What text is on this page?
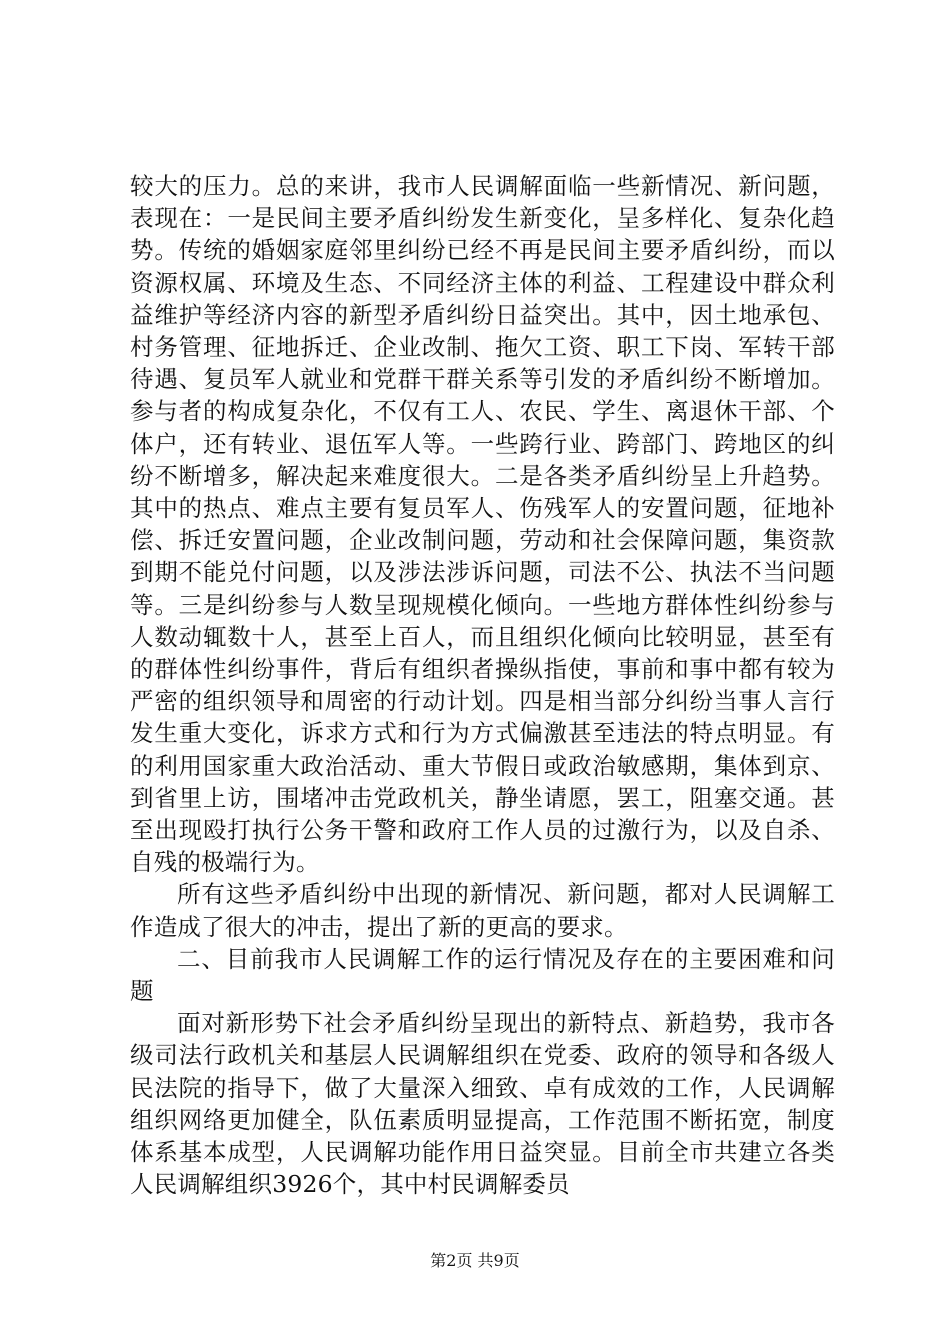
较大的压力。总的来讲，我市人民调解面临一些新情况、新问题，表现在：一是民间主要矛盾纠纷发生新变化，呈多样化、复杂化趋势。传统的婚姻家庭邻里纠纷已经不再是民间主要矛盾纠纷，而以资源权属、环境及生态、不同经济主体的利益、工程建设中群众利益维护等经济内容的新型矛盾纠纷日益突出。其中，因土地承包、村务管理、征地拆迁、企业改制、拖欠工资、职工下岗、军转干部待遇、复员军人就业和党群干群关系等引发的矛盾纠纷不断增加。参与者的构成复杂化，不仅有工人、农民、学生、离退休干部、个体户，还有转业、退伍军人等。一些跨行业、跨部门、跨地区的纠纷不断增多，解决起来难度很大。二是各类矛盾纠纷呈上升趋势。其中的热点、难点主要有复员军人、伤残军人的安置问题，征地补偿、拆迁安置问题，企业改制问题，劳动和社会保障问题，集资款到期不能兑付问题，以及涉法涉诉问题，司法不公、执法不当问题等。三是纠纷参与人数呈现规模化倾向。一些地方群体性纠纷参与人数动辄数十人，甚至上百人，而且组织化倾向比较明显，甚至有的群体性纠纷事件，背后有组织者操纵指使，事前和事中都有较为严密的组织领导和周密的行动计划。四是相当部分纠纷当事人言行发生重大变化，诉求方式和行为方式偏激甚至违法的特点明显。有的利用国家重大政治活动、重大节假日或政治敏感期，集体到京、到省里上访，围堵冲击党政机关，静坐请愿，罢工，阻塞交通。甚至出现殴打执行公务干警和政府工作人员的过激行为，以及自杀、自残的极端行为。

所有这些矛盾纠纷中出现的新情况、新问题，都对人民调解工作造成了很大的冲击，提出了新的更高的要求。

二、目前我市人民调解工作的运行情况及存在的主要困难和问题

面对新形势下社会矛盾纠纷呈现出的新特点、新趋势，我市各级司法行政机关和基层人民调解组织在党委、政府的领导和各级人民法院的指导下，做了大量深入细致、卓有成效的工作，人民调解组织网络更加健全，队伍素质明显提高，工作范围不断拓宽，制度体系基本成型，人民调解功能作用日益突显。目前全市共建立各类人民调解组织3926个，其中村民调解委员

第2页 共9页
